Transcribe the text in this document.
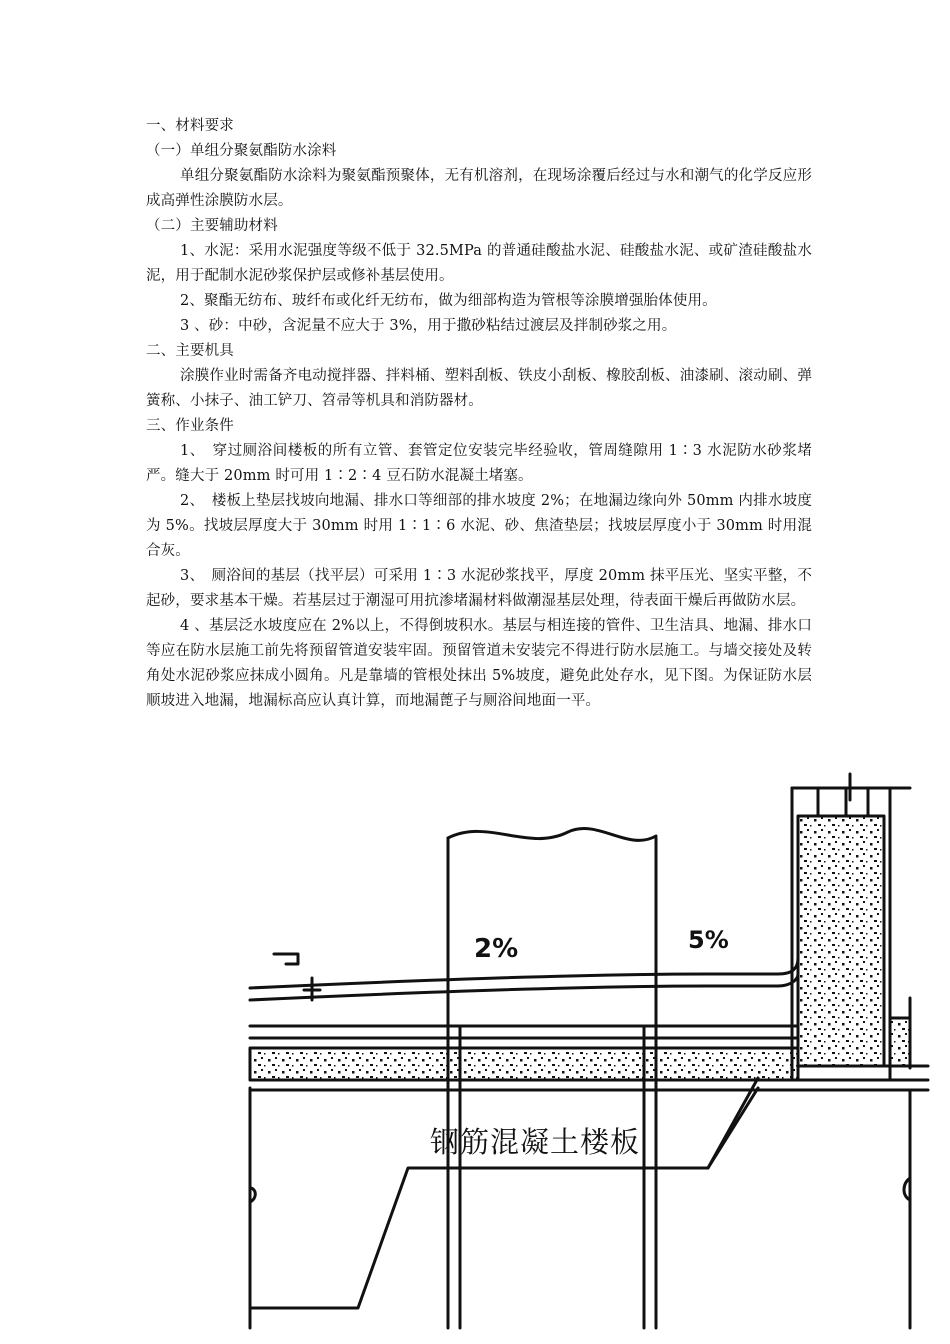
一、材料要求

（一）单组分聚氨酯防水涂料

单组分聚氨酯防水涂料为聚氨酯预聚体，无有机溶剂，在现场涂覆后经过与水和潮气的化学反应形成高弹性涂膜防水层。

（二）主要辅助材料

1、水泥：采用水泥强度等级不低于 32.5MPa 的普通硅酸盐水泥、硅酸盐水泥、或矿渣硅酸盐水泥，用于配制水泥砂浆保护层或修补基层使用。

2、聚酯无纺布、玻纤布或化纤无纺布，做为细部构造为管根等涂膜增强胎体使用。

3 、砂：中砂，含泥量不应大于 3%，用于撒砂粘结过渡层及拌制砂浆之用。

二、主要机具

涂膜作业时需备齐电动搅拌器、拌料桶、塑料刮板、铁皮小刮板、橡胶刮板、油漆刷、滚动刷、弹簧称、小抹子、油工铲刀、笤帚等机具和消防器材。

三、作业条件

1、　穿过厕浴间楼板的所有立管、套管定位安装完毕经验收，管周缝隙用 1∶3 水泥防水砂浆堵严。缝大于 20mm 时可用 1∶2∶4 豆石防水混凝土堵塞。

2、　楼板上垫层找坡向地漏、排水口等细部的排水坡度 2%；在地漏边缘向外 50mm 内排水坡度为 5%。找坡层厚度大于 30mm 时用 1∶1∶6 水泥、砂、焦渣垫层；找坡层厚度小于 30mm 时用混合灰。

3、　厕浴间的基层（找平层）可采用 1∶3 水泥砂浆找平，厚度 20mm 抹平压光、坚实平整，不起砂，要求基本干燥。若基层过于潮湿可用抗渗堵漏材料做潮湿基层处理，待表面干燥后再做防水层。

4 、基层泛水坡度应在 2%以上，不得倒坡积水。基层与相连接的管件、卫生洁具、地漏、排水口等应在防水层施工前先将预留管道安装牢固。预留管道未安装完不得进行防水层施工。与墙交接处及转角处水泥砂浆应抹成小圆角。凡是靠墙的管根处抹出 5%坡度，避免此处存水，见下图。为保证防水层顺坡进入地漏，地漏标高应认真计算，而地漏蓖子与厕浴间地面一平。

2%	5%
钢筋混凝土楼板
